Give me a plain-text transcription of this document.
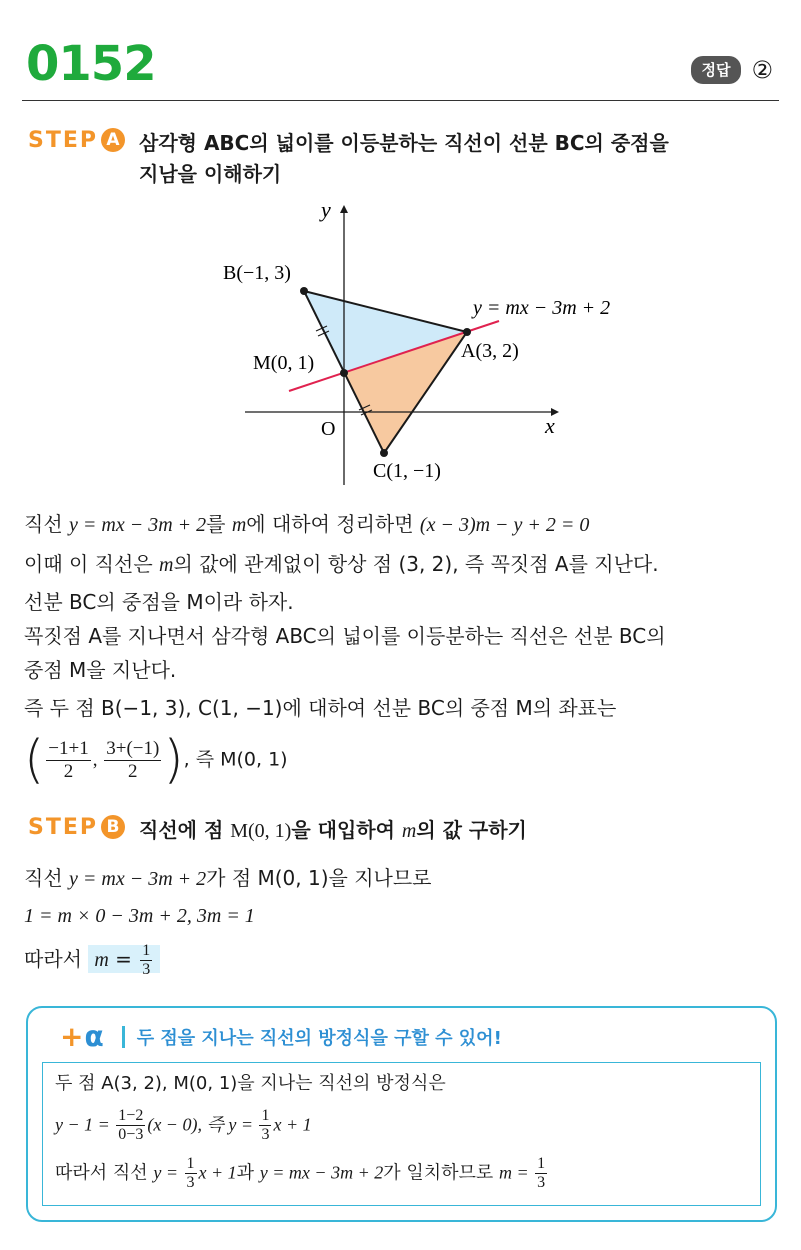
0152	정답 ②
STEP A 삼각형 ABC의 넓이를 이등분하는 직선이 선분 BC의 중점을
지남을 이해하기
y
x
O
B(−1, 3)
A(3, 2)
M(0, 1)
C(1, −1)
y = mx − 3m + 2
직선 y = mx − 3m + 2를 m에 대하여 정리하면 (x − 3)m − y + 2 = 0
이때 이 직선은 m의 값에 관계없이 항상 점 (3, 2), 즉 꼭짓점 A를 지난다.
선분 BC의 중점을 M이라 하자.
꼭짓점 A를 지나면서 삼각형 ABC의 넓이를 이등분하는 직선은 선분 BC의
중점 M을 지난다.
즉 두 점 B(−1, 3), C(1, −1)에 대하여 선분 BC의 중점 M의 좌표는
( $\frac{-1+1}{2}$ , $\frac{3+(-1)}{2}$ ), 즉 M(0, 1)
STEP B 직선에 점 M(0, 1)을 대입하여 m의 값 구하기
직선 y = mx − 3m + 2가 점 M(0, 1)을 지나므로
1 = m × 0 − 3m + 2, 3m = 1
따라서 $m = \frac{1}{3}$
+ α 두 점을 지나는 직선의 방정식을 구할 수 있어!
두 점 A(3, 2), M(0, 1)을 지나는 직선의 방정식은
$y - 1 = \frac{1-2}{0-3} (x - 0)$, 즉 $y = \frac{1}{3}$ x + 1
따라서 직선 $y = \frac{1}{3}$ x + 1과 y = mx − 3m + 2가 일치하므로 $m = \frac{1}{3}$
